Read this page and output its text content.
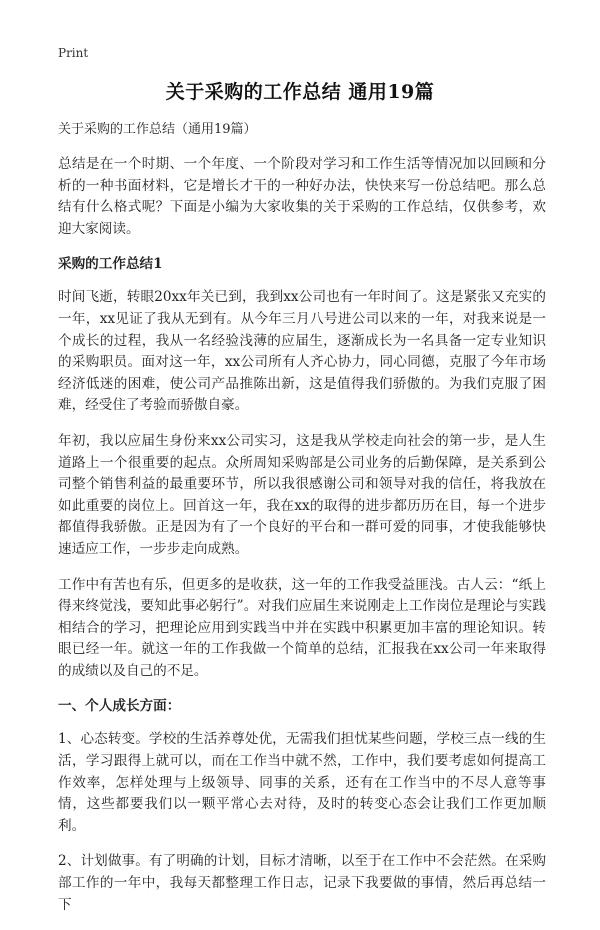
Print
关于采购的工作总结 通用19篇
关于采购的工作总结（通用19篇）

总结是在一个时期、一个年度、一个阶段对学习和工作生活等情况加以回顾和分析的一种书面材料，它是增长才干的一种好办法，快快来写一份总结吧。那么总结有什么格式呢？下面是小编为大家收集的关于采购的工作总结，仅供参考，欢迎大家阅读。

采购的工作总结1

时间飞逝，转眼20xx年关已到，我到xx公司也有一年时间了。这是紧张又充实的一年，xx见证了我从无到有。从今年三月八号进公司以来的一年，对我来说是一个成长的过程，我从一名经验浅薄的应届生，逐渐成长为一名具备一定专业知识的采购职员。面对这一年，xx公司所有人齐心协力，同心同德，克服了今年市场经济低迷的困难，使公司产品推陈出新，这是值得我们骄傲的。为我们克服了困难，经受住了考验而骄傲自豪。

年初，我以应届生身份来xx公司实习，这是我从学校走向社会的第一步，是人生道路上一个很重要的起点。众所周知采购部是公司业务的后勤保障，是关系到公司整个销售利益的最重要环节，所以我很感谢公司和领导对我的信任，将我放在如此重要的岗位上。回首这一年，我在xx的取得的进步都历历在目，每一个进步都值得我骄傲。正是因为有了一个良好的平台和一群可爱的同事，才使我能够快速适应工作，一步步走向成熟。

工作中有苦也有乐，但更多的是收获，这一年的工作我受益匪浅。古人云：“纸上得来终觉浅，要知此事必躬行”。对我们应届生来说刚走上工作岗位是理论与实践相结合的学习，把理论应用到实践当中并在实践中积累更加丰富的理论知识。转眼已经一年。就这一年的工作我做一个简单的总结，汇报我在xx公司一年来取得的成绩以及自己的不足。

一、个人成长方面：

1、心态转变。学校的生活养尊处优，无需我们担忧某些问题，学校三点一线的生活，学习跟得上就可以，而在工作当中就不然，工作中，我们要考虑如何提高工作效率，怎样处理与上级领导、同事的关系，还有在工作当中的不尽人意等事情，这些都要我们以一颗平常心去对待，及时的转变心态会让我们工作更加顺利。

2、计划做事。有了明确的计划，目标才清晰，以至于在工作中不会茫然。在采购部工作的一年中，我每天都整理工作日志，记录下我要做的事情，然后再总结一下
